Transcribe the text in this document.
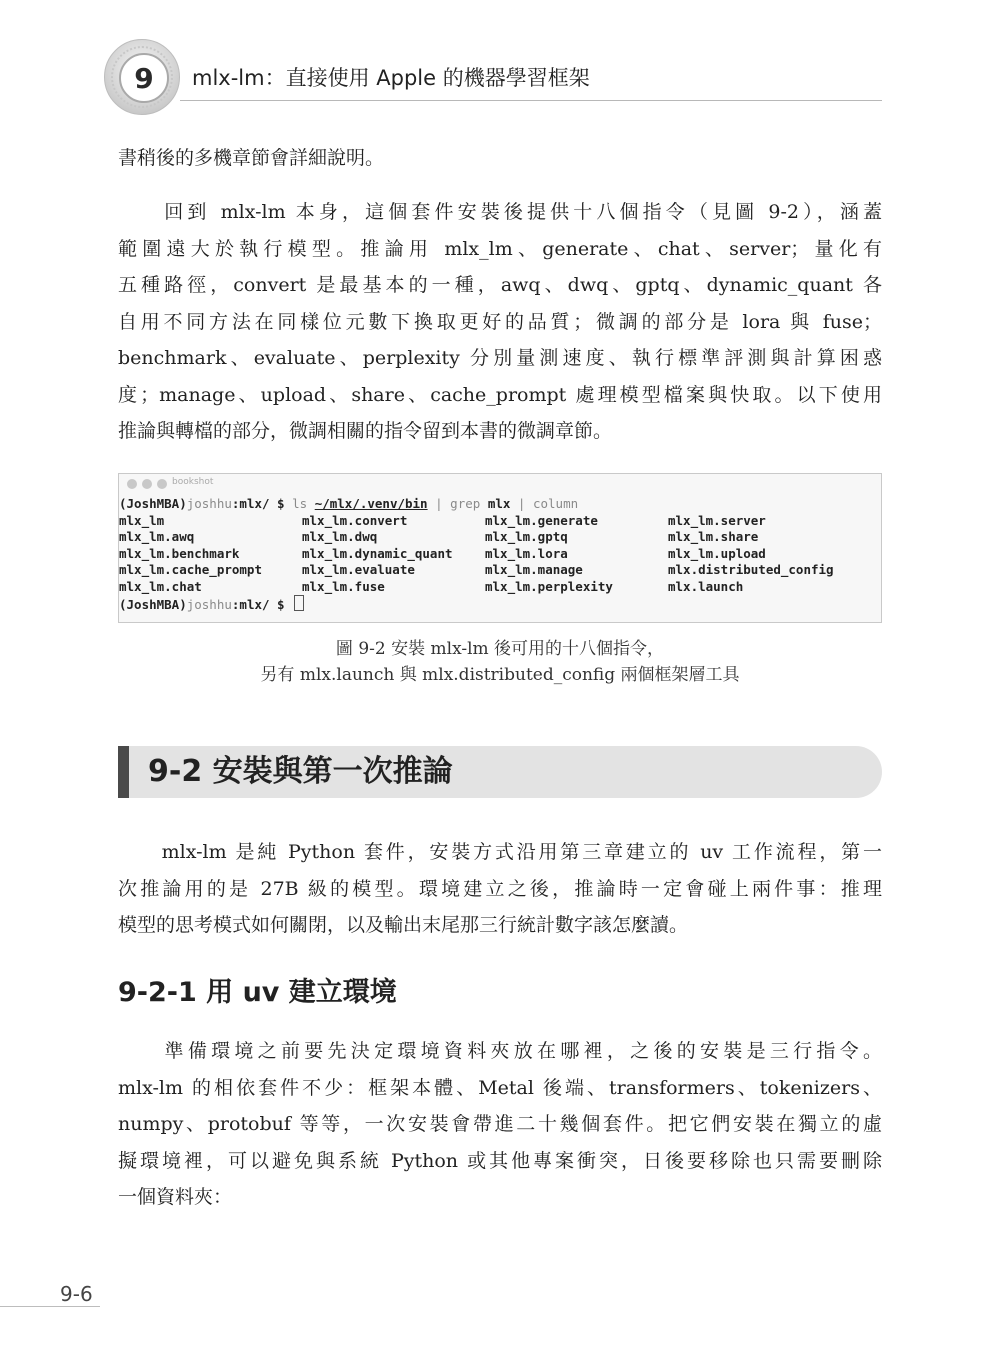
9	mlx-lm：直接使用 Apple 的機器學習框架
書稍後的多機章節會詳細說明。
　　回到 mlx-lm 本身，這個套件安裝後提供十八個指令（見圖 9-2），涵蓋
範圍遠大於執行模型。推論用 mlx_lm、generate、chat、server；量化有
五種路徑，convert 是最基本的一種，awq、dwq、gptq、dynamic_quant 各
自用不同方法在同樣位元數下換取更好的品質；微調的部分是 lora 與 fuse；
benchmark、evaluate、perplexity 分別量測速度、執行標準評測與計算困惑
度；manage、upload、share、cache_prompt 處理模型檔案與快取。以下使用
推論與轉檔的部分，微調相關的指令留到本書的微調章節。
bookshot
(JoshMBA)joshhu:mlx/ $ ls ~/mlx/.venv/bin | grep mlx | column
mlx_lm	mlx_lm.convert	mlx_lm.generate	mlx_lm.server
mlx_lm.awq	mlx_lm.dwq	mlx_lm.gptq	mlx_lm.share
mlx_lm.benchmark	mlx_lm.dynamic_quant	mlx_lm.lora	mlx_lm.upload
mlx_lm.cache_prompt	mlx_lm.evaluate	mlx_lm.manage	mlx.distributed_config
mlx_lm.chat	mlx_lm.fuse	mlx_lm.perplexity	mlx.launch
(JoshMBA)joshhu:mlx/ $
圖 9-2 安裝 mlx-lm 後可用的十八個指令，
另有 mlx.launch 與 mlx.distributed_config 兩個框架層工具
9-2 安裝與第一次推論
　　mlx-lm 是純 Python 套件，安裝方式沿用第三章建立的 uv 工作流程，第一
次推論用的是 27B 級的模型。環境建立之後，推論時一定會碰上兩件事：推理
模型的思考模式如何關閉，以及輸出末尾那三行統計數字該怎麼讀。
9-2-1 用 uv 建立環境
　　準備環境之前要先決定環境資料夾放在哪裡，之後的安裝是三行指令。
mlx-lm 的相依套件不少：框架本體、Metal 後端、transformers、tokenizers、
numpy、protobuf 等等，一次安裝會帶進二十幾個套件。把它們安裝在獨立的虛
擬環境裡，可以避免與系統 Python 或其他專案衝突，日後要移除也只需要刪除
一個資料夾：
9-6
